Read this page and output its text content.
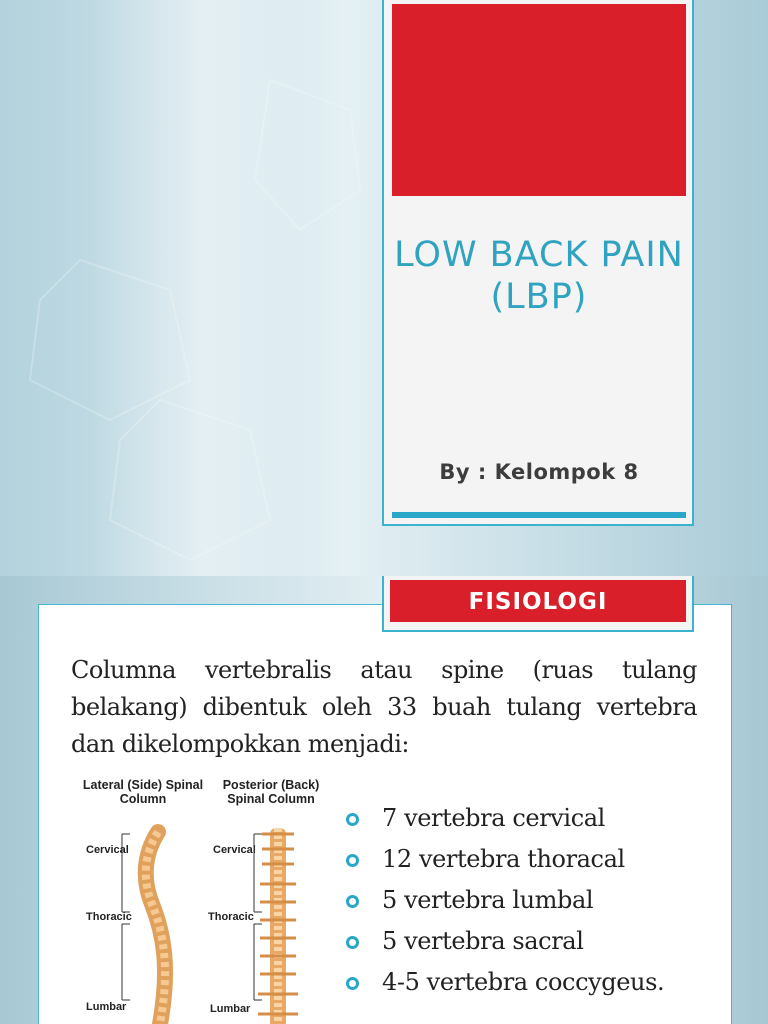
LOW BACK PAIN (LBP)
By : Kelompok 8
FISIOLOGI

Columna vertebralis atau spine (ruas tulang belakang) dibentuk oleh 33 buah tulang vertebra dan dikelompokkan menjadi:

Lateral (Side) Spinal Column
Posterior (Back) Spinal Column
Cervical
Thoracic
Lumbar
Cervical
Thoracic
Lumbar
7 vertebra cervical
12 vertebra thoracal
5 vertebra lumbal
5 vertebra sacral
4-5 vertebra coccygeus.
